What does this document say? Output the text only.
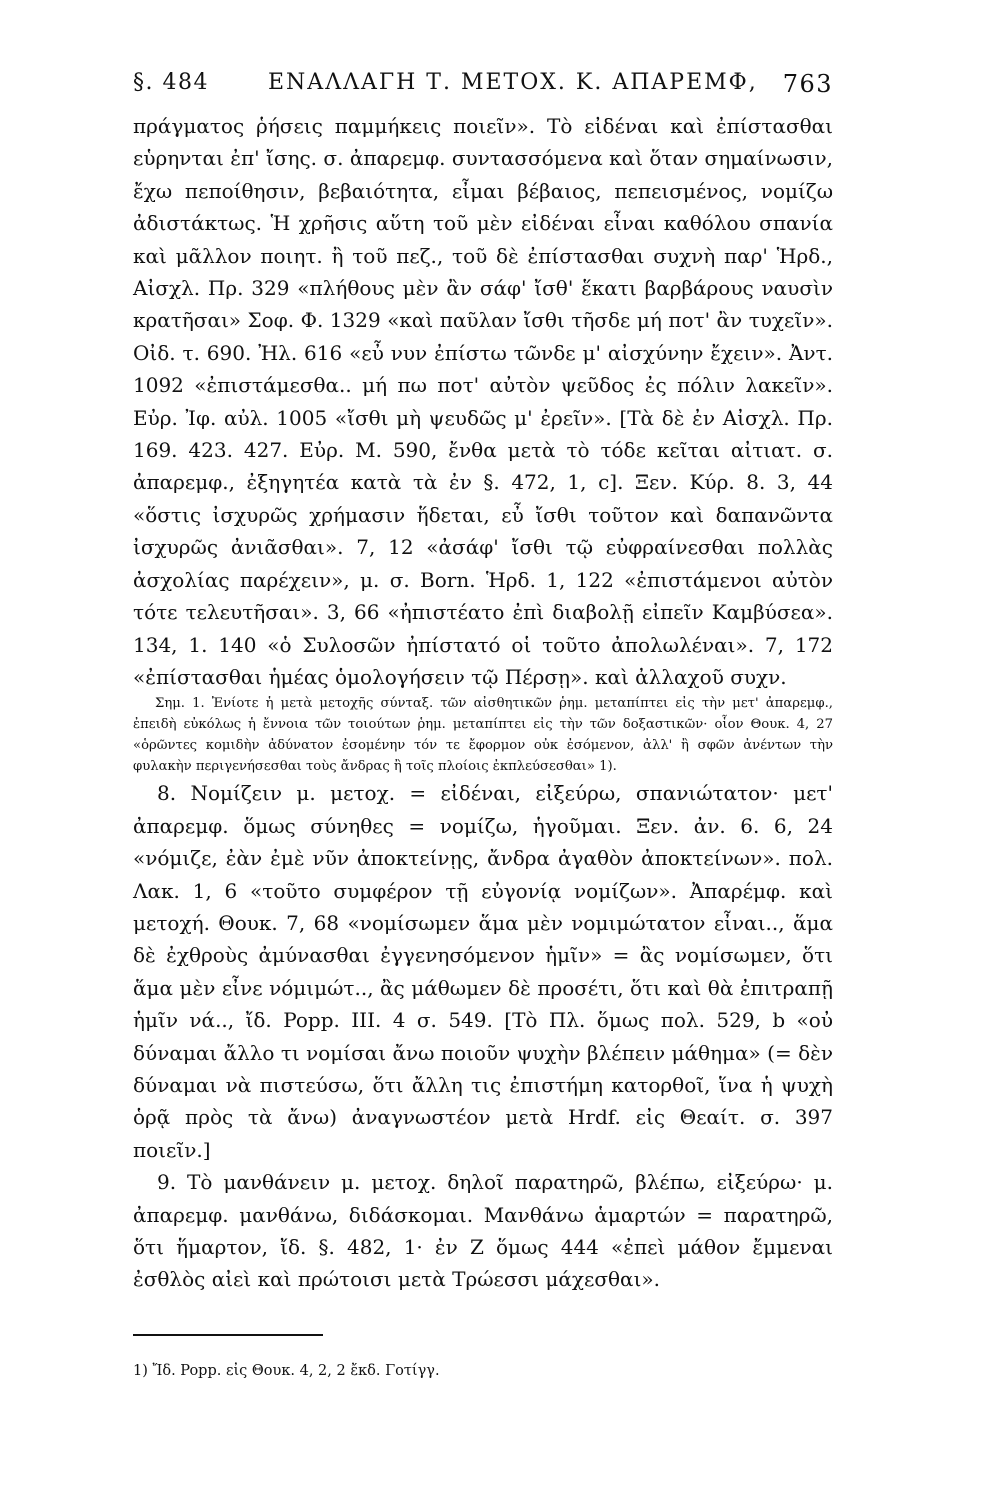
§. 484	ΕΝΑΛΛΑΓΗ Τ. ΜΕΤΟΧ. Κ. ΑΠΑΡΕΜΦ, 763

πράγματος ῥήσεις παμμήκεις ποιεῖν». Τὸ εἰδέναι καὶ ἐπίστασθαι εὑρηνται ἐπ' ἴσης. σ. ἀπαρεμφ. συντασσόμενα καὶ ὅταν σημαίνωσιν, ἔχω πεποίθησιν, βεβαιότητα, εἶμαι βέβαιος, πεπεισμένος, νομίζω ἀδιστάκτως. Ἡ χρῆσις αὕτη τοῦ μὲν εἰδέναι εἶναι καθόλου σπανία καὶ μᾶλλον ποιητ. ἢ τοῦ πεζ., τοῦ δὲ ἐπίστασθαι συχνὴ παρ' Ἡρδ., Αἰσχλ. Πρ. 329 «πλήθους μὲν ἂν σάφ' ἴσθ' ἕκατι βαρβάρους ναυσὶν κρατῆσαι» Σοφ. Φ. 1329 «καὶ παῦλαν ἴσθι τῆσδε μή ποτ' ἂν τυχεῖν». Οἰδ. τ. 690. Ἠλ. 616 «εὖ νυν ἐπίστω τῶνδε μ' αἰσχύνην ἔχειν». Ἀντ. 1092 «ἐπιστάμεσθα.. μή πω ποτ' αὐτὸν ψεῦδος ἐς πόλιν λακεῖν». Εὐρ. Ἰφ. αὐλ. 1005 «ἴσθι μὴ ψευδῶς μ' ἐρεῖν». [Τὰ δὲ ἐν Αἰσχλ. Πρ. 169. 423. 427. Εὐρ. Μ. 590, ἔνθα μετὰ τὸ τόδε κεῖται αἰτιατ. σ. ἀπαρεμφ., ἐξηγητέα κατὰ τὰ ἐν §. 472, 1, c]. Ξεν. Κύρ. 8. 3, 44 «ὅστις ἰσχυρῶς χρήμασιν ἥδεται, εὖ ἴσθι τοῦτον καὶ δαπανῶντα ἰσχυρῶς ἀνιᾶσθαι». 7, 12 «ἀσάφ' ἴσθι τῷ εὐφραίνεσθαι πολλὰς ἀσχολίας παρέχειν», μ. σ. Born. Ἡρδ. 1, 122 «ἐπιστάμενοι αὐτὸν τότε τελευτῆσαι». 3, 66 «ἠπιστέατο ἐπὶ διαβολῇ εἰπεῖν Καμβύσεα». 134, 1. 140 «ὁ Συλοσῶν ἠπίστατό οἱ τοῦτο ἀπολωλέναι». 7, 172 «ἐπίστασθαι ἡμέας ὁμολογήσειν τῷ Πέρσῃ». καὶ ἀλλαχοῦ συχν.

Σημ. 1. Ἐνίοτε ἡ μετὰ μετοχῆς σύνταξ. τῶν αἰσθητικῶν ῥημ. μεταπίπτει εἰς τὴν μετ' ἀπαρεμφ., ἐπειδὴ εὐκόλως ἡ ἔννοια τῶν τοιούτων ῥημ. μεταπίπτει εἰς τὴν τῶν δοξαστικῶν· οἷον Θουκ. 4, 27 «ὁρῶντες κομιδὴν ἀδύνατον ἐσομένην τόν τε ἔφορμον οὐκ ἐσόμενον, ἀλλ' ἢ σφῶν ἀνέντων τὴν φυλακὴν περιγενήσεσθαι τοὺς ἄνδρας ἢ τοῖς πλοίοις ἐκπλεύσεσθαι» 1).

8. Νομίζειν μ. μετοχ. = εἰδέναι, εἰξεύρω, σπανιώτατον· μετ' ἀπαρεμφ. ὅμως σύνηθες = νομίζω, ἡγοῦμαι. Ξεν. ἀν. 6. 6, 24 «νόμιζε, ἐὰν ἐμὲ νῦν ἀποκτείνῃς, ἄνδρα ἀγαθὸν ἀποκτείνων». πολ. Λακ. 1, 6 «τοῦτο συμφέρον τῇ εὐγονίᾳ νομίζων». Ἀπαρέμφ. καὶ μετοχή. Θουκ. 7, 68 «νομίσωμεν ἅμα μὲν νομιμώτατον εἶναι.., ἅμα δὲ ἐχθροὺς ἀμύνασθαι ἐγγενησόμενον ἡμῖν» = ἂς νομίσωμεν, ὅτι ἅμα μὲν εἶνε νόμιμώτ.., ἂς μάθωμεν δὲ προσέτι, ὅτι καὶ θὰ ἐπιτραπῇ ἡμῖν νά.., ἴδ. Popp. III. 4 σ. 549. [Τὸ Πλ. ὅμως πολ. 529, b «οὐ δύναμαι ἄλλο τι νομίσαι ἄνω ποιοῦν ψυχὴν βλέπειν μάθημα» (= δὲν δύναμαι νὰ πιστεύσω, ὅτι ἄλλη τις ἐπιστήμη κατορθοῖ, ἵνα ἡ ψυχὴ ὁρᾷ πρὸς τὰ ἄνω) ἀναγνωστέον μετὰ Hrdf. εἰς Θεαίτ. σ. 397 ποιεῖν.]

9. Τὸ μανθάνειν μ. μετοχ. δηλοῖ παρατηρῶ, βλέπω, εἰξεύρω· μ. ἀπαρεμφ. μανθάνω, διδάσκομαι. Μανθάνω ἁμαρτών = παρατηρῶ, ὅτι ἥμαρτον, ἴδ. §. 482, 1· ἐν Ζ ὅμως 444 «ἐπεὶ μάθον ἔμμεναι ἐσθλὸς αἰεὶ καὶ πρώτοισι μετὰ Τρώεσσι μάχεσθαι».

1) Ἴδ. Popp. εἰς Θουκ. 4, 2, 2 ἔκδ. Γοτίγγ.
